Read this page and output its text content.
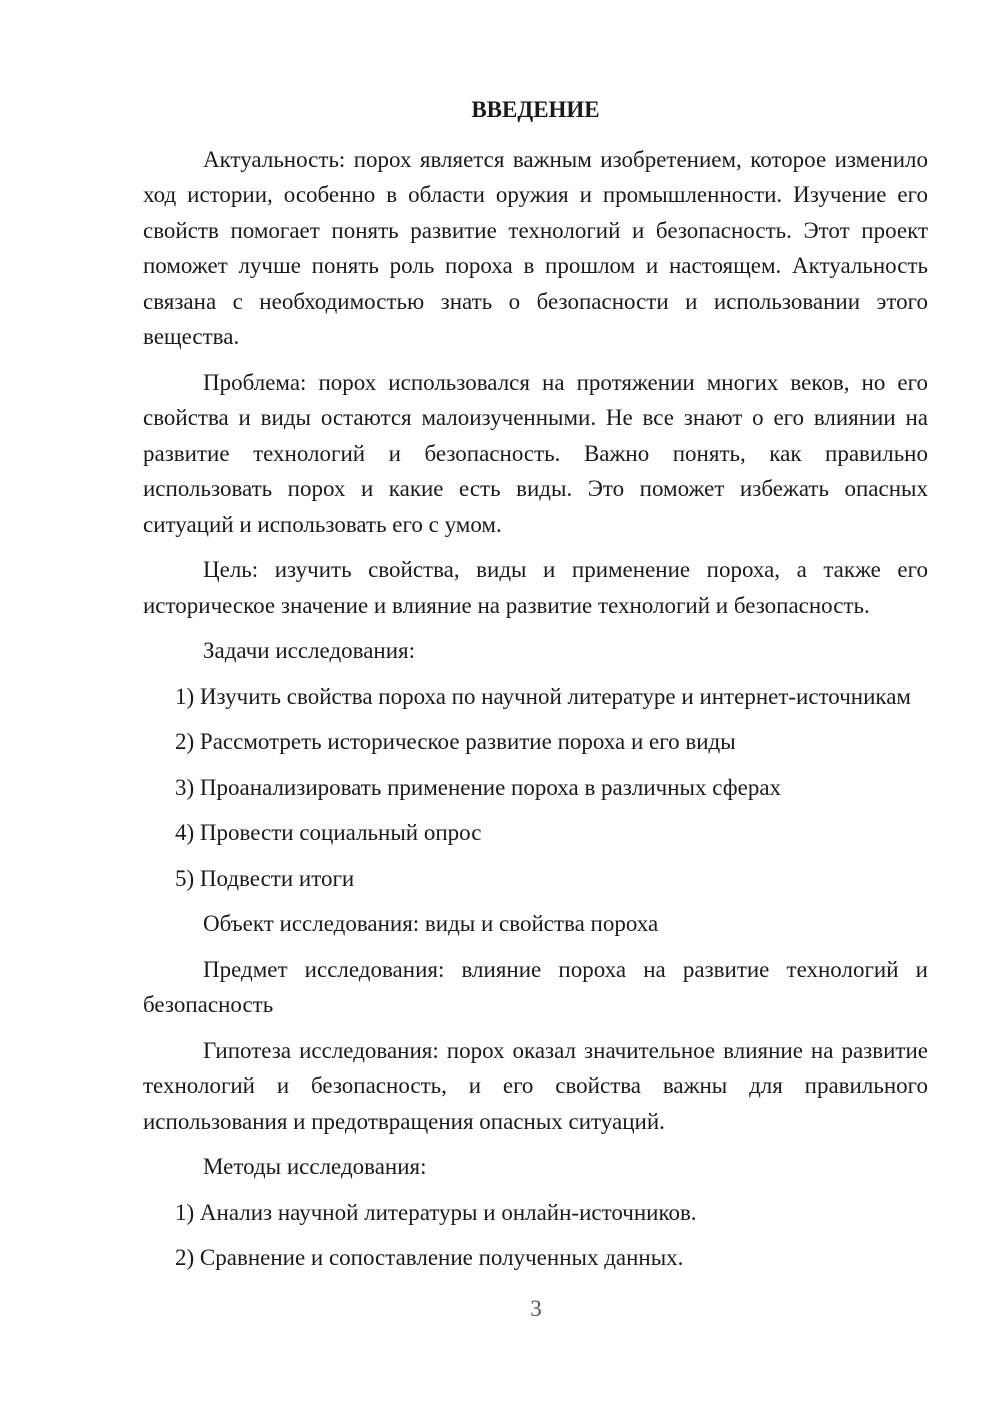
ВВЕДЕНИЕ

Актуальность: порох является важным изобретением, которое изменило ход истории, особенно в области оружия и промышленности. Изучение его свойств помогает понять развитие технологий и безопасность. Этот проект поможет лучше понять роль пороха в прошлом и настоящем. Актуальность связана с необходимостью знать о безопасности и использовании этого вещества.

Проблема: порох использовался на протяжении многих веков, но его свойства и виды остаются малоизученными. Не все знают о его влиянии на развитие технологий и безопасность. Важно понять, как правильно использовать порох и какие есть виды. Это поможет избежать опасных ситуаций и использовать его с умом.

Цель: изучить свойства, виды и применение пороха, а также его историческое значение и влияние на развитие технологий и безопасность.

Задачи исследования:

1) Изучить свойства пороха по научной литературе и интернет-источникам

2) Рассмотреть историческое развитие пороха и его виды

3) Проанализировать применение пороха в различных сферах

4) Провести социальный опрос

5) Подвести итоги

Объект исследования: виды и свойства пороха

Предмет исследования: влияние пороха на развитие технологий и безопасность

Гипотеза исследования: порох оказал значительное влияние на развитие технологий и безопасность, и его свойства важны для правильного использования и предотвращения опасных ситуаций.

Методы исследования:

1) Анализ научной литературы и онлайн-источников.

2) Сравнение и сопоставление полученных данных.

3
